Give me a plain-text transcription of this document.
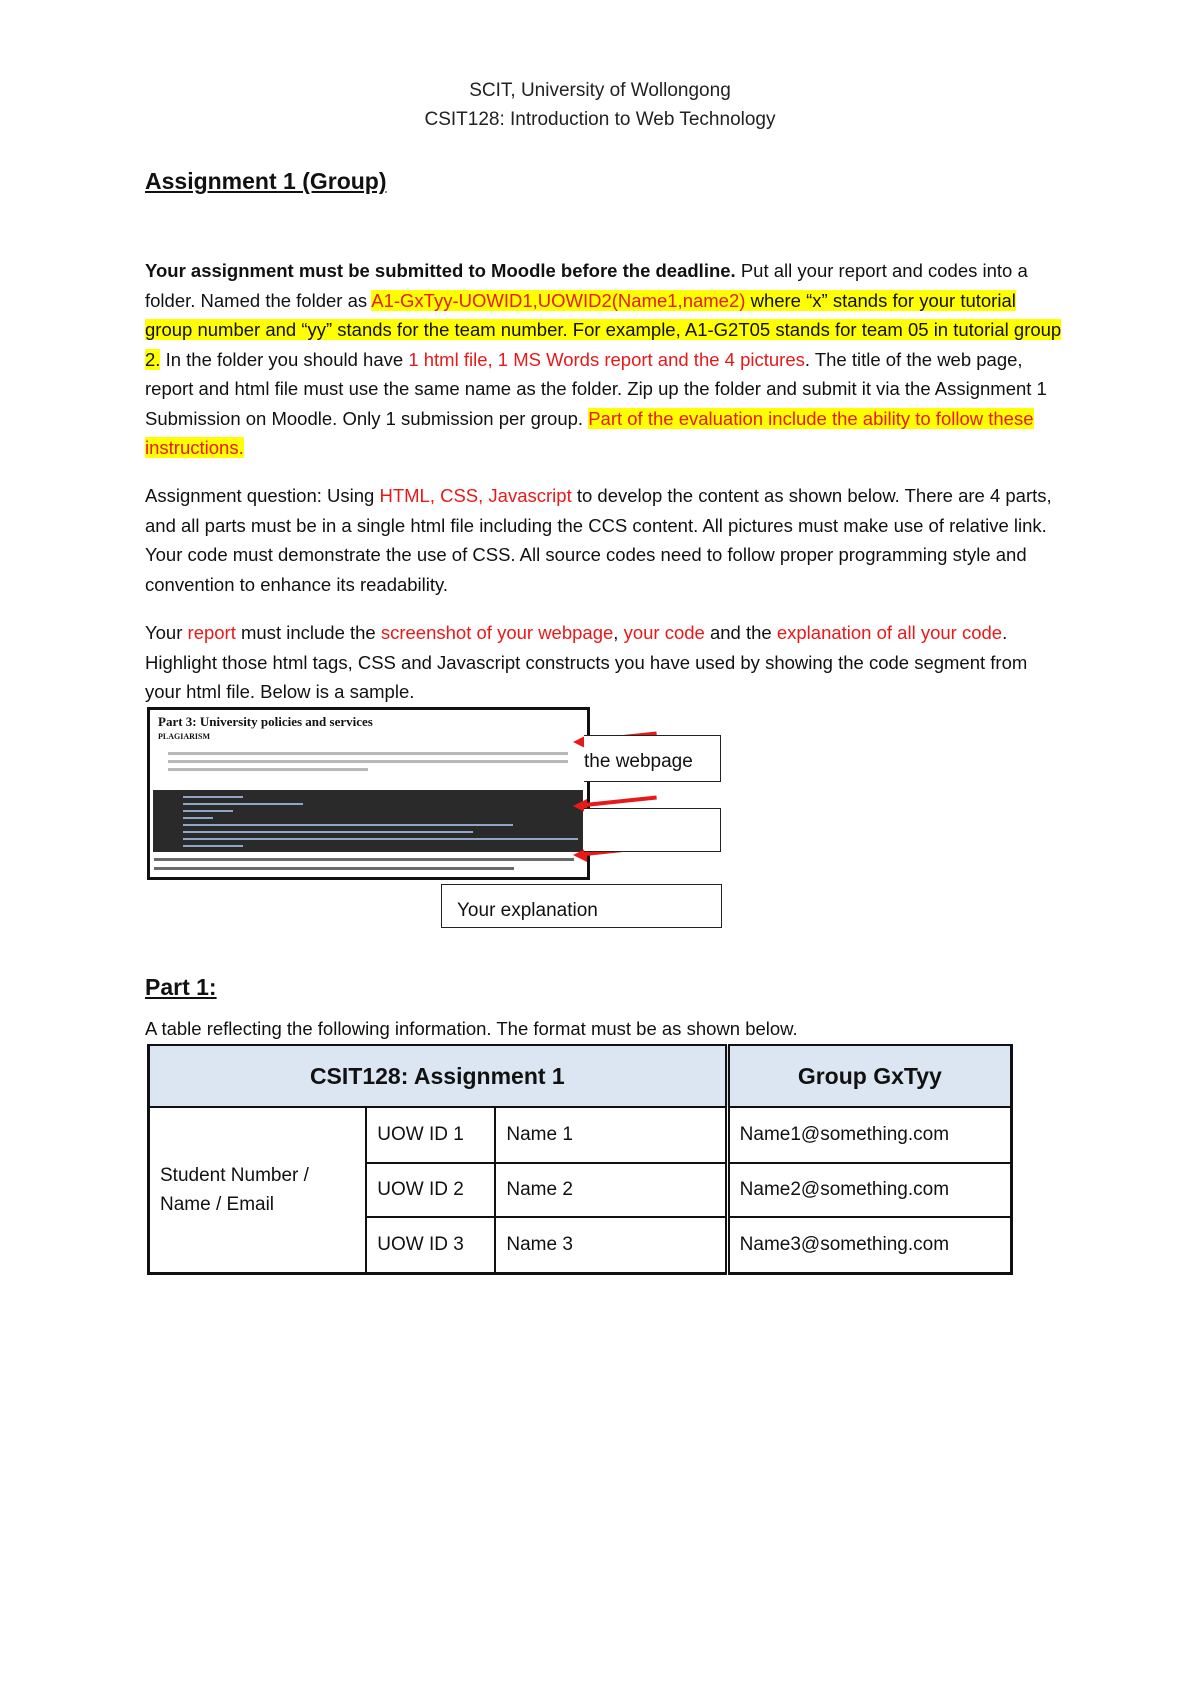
SCIT, University of Wollongong
CSIT128: Introduction to Web Technology
Assignment 1 (Group)
Your assignment must be submitted to Moodle before the deadline. Put all your report and codes into a folder. Named the folder as A1-GxTyy-UOWID1,UOWID2(Name1,name2) where “x” stands for your tutorial group number and “yy” stands for the team number. For example, A1-G2T05 stands for team 05 in tutorial group 2. In the folder you should have 1 html file, 1 MS Words report and the 4 pictures. The title of the web page, report and html file must use the same name as the folder. Zip up the folder and submit it via the Assignment 1 Submission on Moodle. Only 1 submission per group. Part of the evaluation include the ability to follow these instructions.
Assignment question: Using HTML, CSS, Javascript to develop the content as shown below. There are 4 parts, and all parts must be in a single html file including the CCS content. All pictures must make use of relative link. Your code must demonstrate the use of CSS. All source codes need to follow proper programming style and convention to enhance its readability.
Your report must include the screenshot of your webpage, your code and the explanation of all your code. Highlight those html tags, CSS and Javascript constructs you have used by showing the code segment from your html file. Below is a sample.
Part 3: University policies and services
PLAGIARISM
the webpage
Your explanation
Part 1:
A table reflecting the following information. The format must be as shown below.
CSIT128: Assignment 1			Group GxTyy
Student Number / Name / Email	UOW ID 1	Name 1	Name1@something.com
	UOW ID 2	Name 2	Name2@something.com
	UOW ID 3	Name 3	Name3@something.com
